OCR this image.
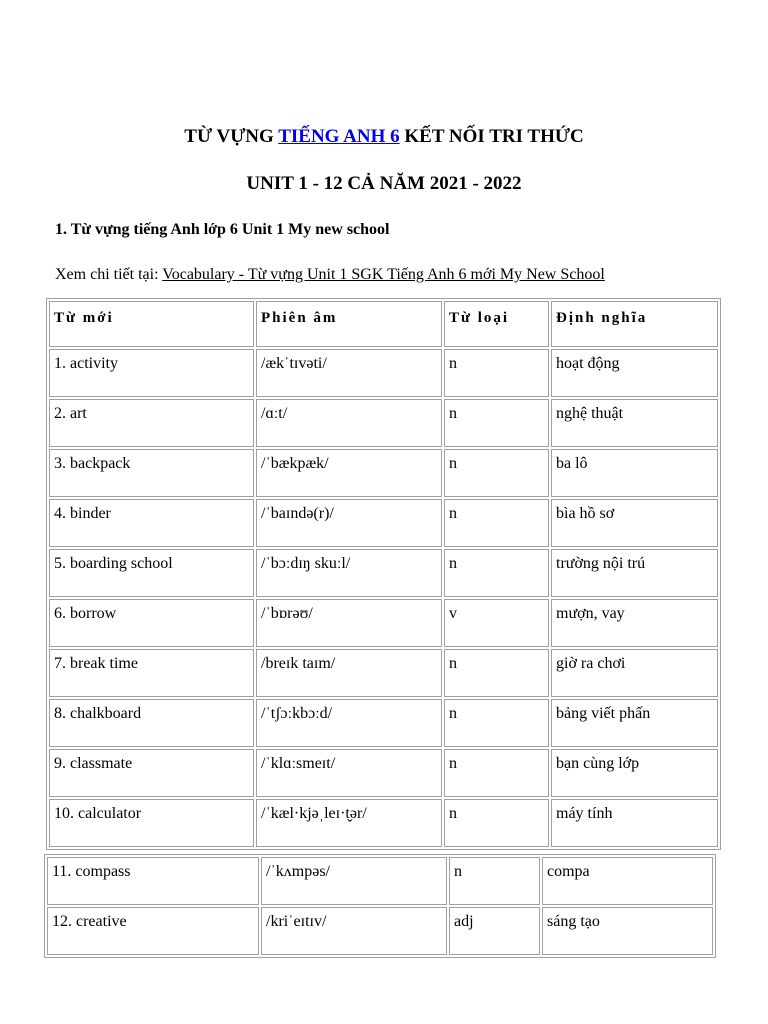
TỪ VỰNG TIẾNG ANH 6 KẾT NỐI TRI THỨC

UNIT 1 - 12 CẢ NĂM 2021 - 2022

1. Từ vựng tiếng Anh lớp 6 Unit 1 My new school

Xem chi tiết tại: Vocabulary - Từ vựng Unit 1 SGK Tiếng Anh 6 mới My New School

Từ mới	Phiên âm	Từ loại	Định nghĩa
1. activity	/ækˈtɪvəti/	n	hoạt động
2. art	/ɑːt/	n	nghệ thuật
3. backpack	/ˈbækpæk/	n	ba lô
4. binder	/ˈbaɪndə(r)/	n	bìa hồ sơ
5. boarding school	/ˈbɔːdɪŋ skuːl/	n	trường nội trú
6. borrow	/ˈbɒrəʊ/	v	mượn, vay
7. break time	/breɪk taɪm/	n	giờ ra chơi
8. chalkboard	/ˈtʃɔːkbɔːd/	n	bảng viết phấn
9. classmate	/ˈklɑːsmeɪt/	n	bạn cùng lớp
10. calculator	/ˈkæl·kjəˌleɪ·t̬ər/	n	máy tính
11. compass	/ˈkʌmpəs/	n	compa
12. creative	/kriˈeɪtɪv/	adj	sáng tạo
